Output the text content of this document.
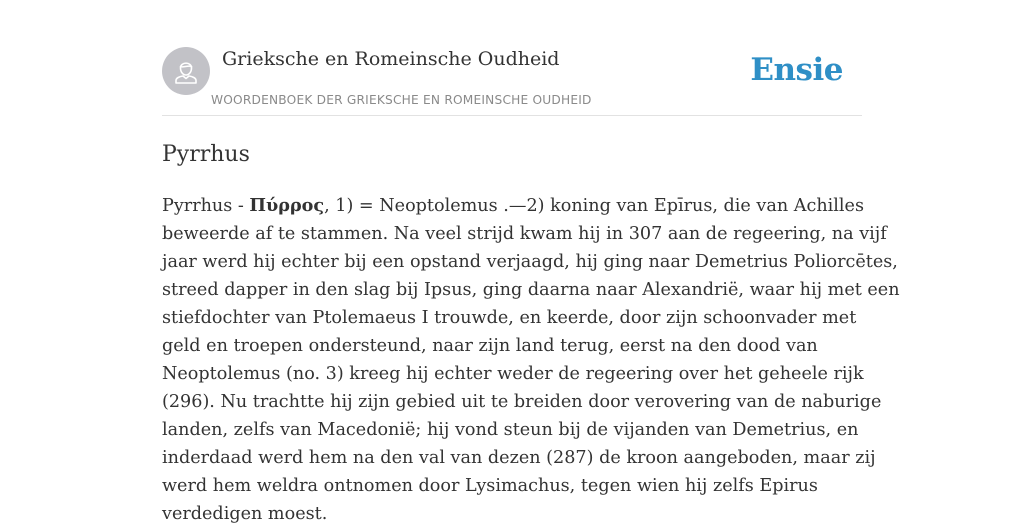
Grieksche en Romeinsche Oudheid
WOORDENBOEK DER GRIEKSCHE EN ROMEINSCHE OUDHEID
Ensie
Pyrrhus
Pyrrhus - Πύρρος, 1) = Neoptolemus .—2) koning van Epīrus, die van Achilles
beweerde af te stammen. Na veel strijd kwam hij in 307 aan de regeering, na vijf
jaar werd hij echter bij een opstand verjaagd, hij ging naar Demetrius Poliorcētes,
streed dapper in den slag bij Ipsus, ging daarna naar Alexandrië, waar hij met een
stiefdochter van Ptolemaeus I trouwde, en keerde, door zijn schoonvader met
geld en troepen ondersteund, naar zijn land terug, eerst na den dood van
Neoptolemus (no. 3) kreeg hij echter weder de regeering over het geheele rijk
(296). Nu trachtte hij zijn gebied uit te breiden door verovering van de naburige
landen, zelfs van Macedonië; hij vond steun bij de vijanden van Demetrius, en
inderdaad werd hem na den val van dezen (287) de kroon aangeboden, maar zij
werd hem weldra ontnomen door Lysimachus, tegen wien hij zelfs Epirus
verdedigen moest.
